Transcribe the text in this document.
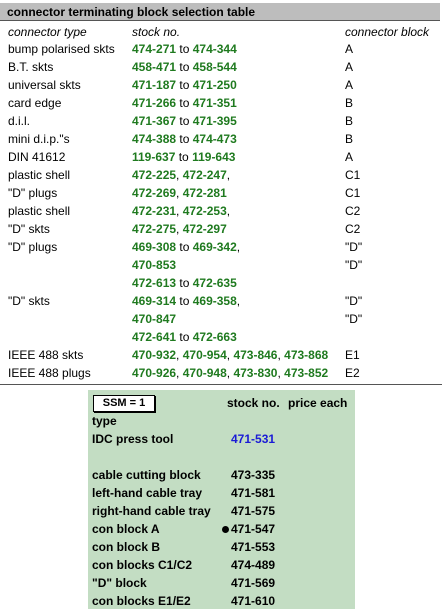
connector terminating block selection table
connector type	stock no.	connector block
bump polarised skts 474-271 to 474-344	A
B.T. skts	458-471 to 458-544	A
universal skts	471-187 to 471-250	A
card edge	471-266 to 471-351	B
d.i.l.	471-367 to 471-395	B
mini d.i.p."s	474-388 to 474-473	B
DIN 41612	119-637 to 119-643	A
plastic shell	472-225, 472-247,	C1
"D" plugs	472-269, 472-281	C1
plastic shell	472-231, 472-253,	C2
"D" skts	472-275, 472-297	C2
"D" plugs	469-308 to 469-342,	"D"
470-853	"D"
472-613 to 472-635
"D" skts	469-314 to 469-358,	"D"
470-847	"D"
472-641 to 472-663
IEEE 488 skts	470-932, 470-954, 473-846, 473-868 E1
IEEE 488 plugs	470-926, 470-948, 473-830, 473-852 E2
SSM = 1	stock no. price each
type
IDC press tool	471-531
cable cutting block	473-335
left-hand cable tray 471-581
right-hand cable tray 471-575
con block A	471-547
con block B	471-553
con blocks C1/C2	474-489
"D" block	471-569
con blocks E1/E2	471-610
